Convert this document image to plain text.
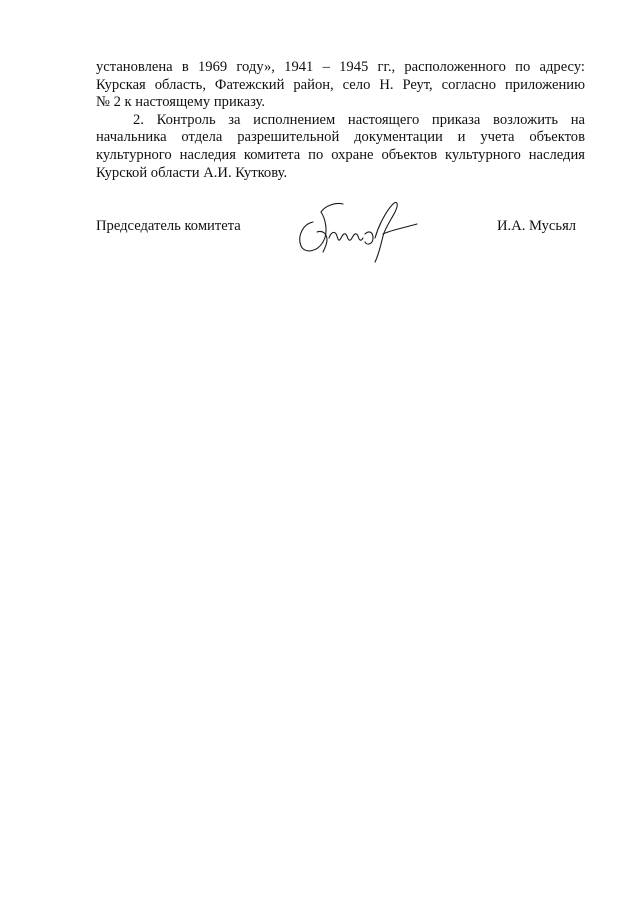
установлена в 1969 году», 1941 – 1945 гг., расположенного по адресу:
Курская область, Фатежский район, село Н. Реут, согласно приложению
№ 2 к настоящему приказу.
2. Контроль за исполнением настоящего приказа возложить на
начальника отдела разрешительной документации и учета объектов
культурного наследия комитета по охране объектов культурного наследия
Курской области А.И. Куткову.
Председатель комитета	И.А. Мусьял
